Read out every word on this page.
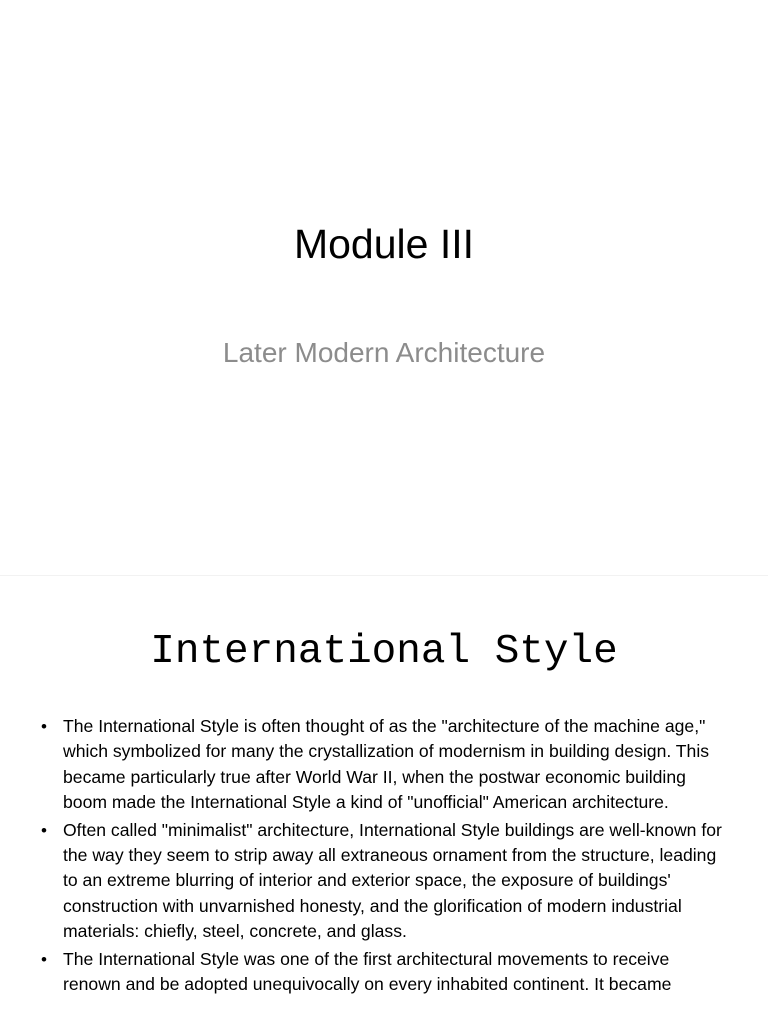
Module III
Later Modern Architecture
International Style
• The International Style is often thought of as the "architecture of the machine age," which symbolized for many the crystallization of modernism in building design. This became particularly true after World War II, when the postwar economic building boom made the International Style a kind of "unofficial" American architecture.
• Often called "minimalist" architecture, International Style buildings are well-known for the way they seem to strip away all extraneous ornament from the structure, leading to an extreme blurring of interior and exterior space, the exposure of buildings' construction with unvarnished honesty, and the glorification of modern industrial materials: chiefly, steel, concrete, and glass.
• The International Style was one of the first architectural movements to receive renown and be adopted unequivocally on every inhabited continent. It became
